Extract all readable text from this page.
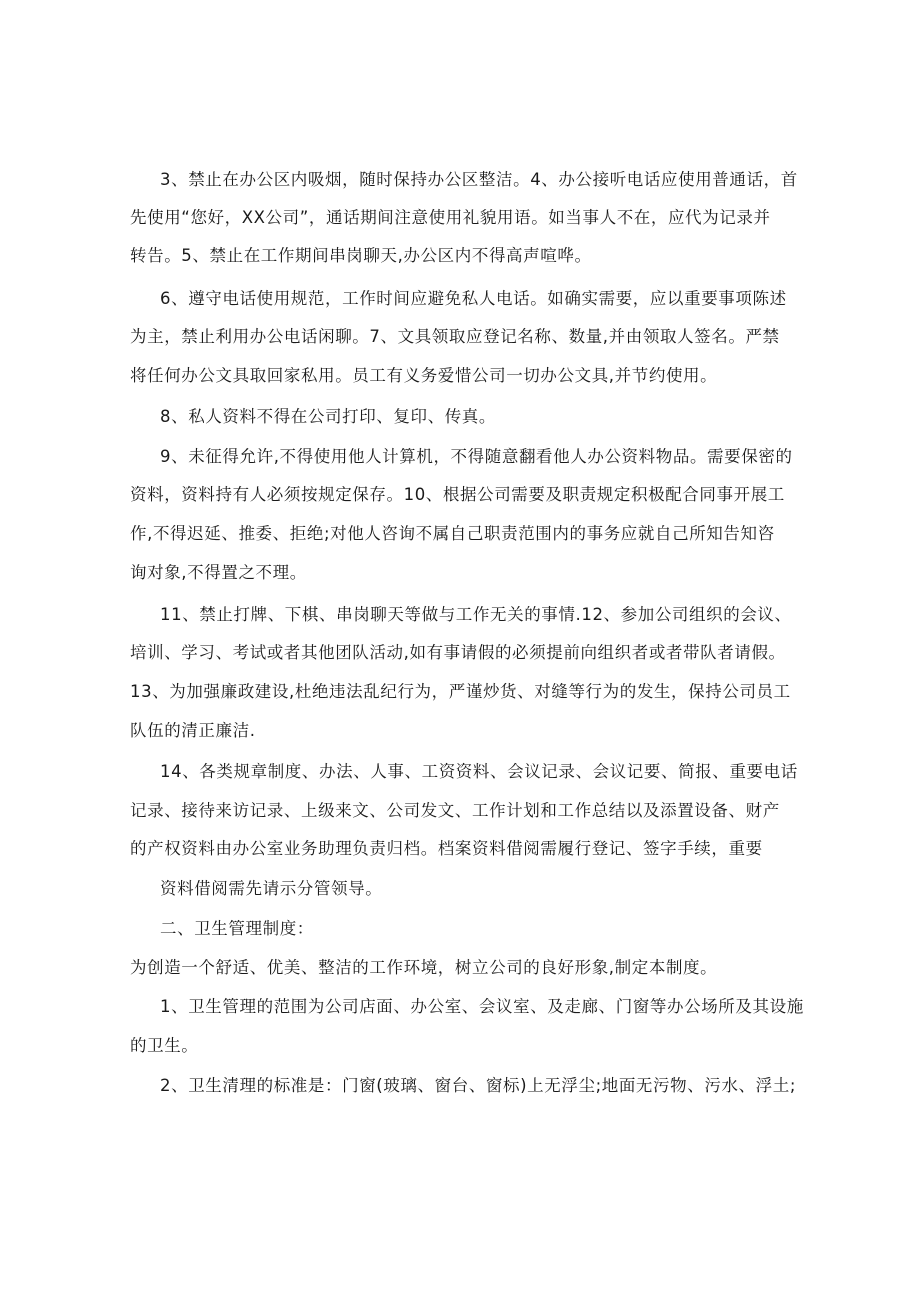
3、禁止在办公区内吸烟，随时保持办公区整洁。4、办公接听电话应使用普通话，首
先使用“您好，XX公司”，通话期间注意使用礼貌用语。如当事人不在，应代为记录并
转告。5、禁止在工作期间串岗聊天,办公区内不得高声喧哗。
6、遵守电话使用规范，工作时间应避免私人电话。如确实需要，应以重要事项陈述
为主，禁止利用办公电话闲聊。7、文具领取应登记名称、数量,并由领取人签名。严禁
将任何办公文具取回家私用。员工有义务爱惜公司一切办公文具,并节约使用。
8、私人资料不得在公司打印、复印、传真。
9、未征得允许,不得使用他人计算机，不得随意翻看他人办公资料物品。需要保密的
资料，资料持有人必须按规定保存。10、根据公司需要及职责规定积极配合同事开展工
作,不得迟延、推委、拒绝;对他人咨询不属自己职责范围内的事务应就自己所知告知咨
询对象,不得置之不理。
11、禁止打牌、下棋、串岗聊天等做与工作无关的事情.12、参加公司组织的会议、
培训、学习、考试或者其他团队活动,如有事请假的必须提前向组织者或者带队者请假。
13、为加强廉政建设,杜绝违法乱纪行为，严谨炒货、对缝等行为的发生，保持公司员工
队伍的清正廉洁.
14、各类规章制度、办法、人事、工资资料、会议记录、会议记要、简报、重要电话
记录、接待来访记录、上级来文、公司发文、工作计划和工作总结以及添置设备、财产
的产权资料由办公室业务助理负责归档。档案资料借阅需履行登记、签字手续，重要
资料借阅需先请示分管领导。
二、卫生管理制度：
为创造一个舒适、优美、整洁的工作环境，树立公司的良好形象,制定本制度。
1、卫生管理的范围为公司店面、办公室、会议室、及走廊、门窗等办公场所及其设施
的卫生。
2、卫生清理的标准是：门窗(玻璃、窗台、窗标)上无浮尘;地面无污物、污水、浮土;
